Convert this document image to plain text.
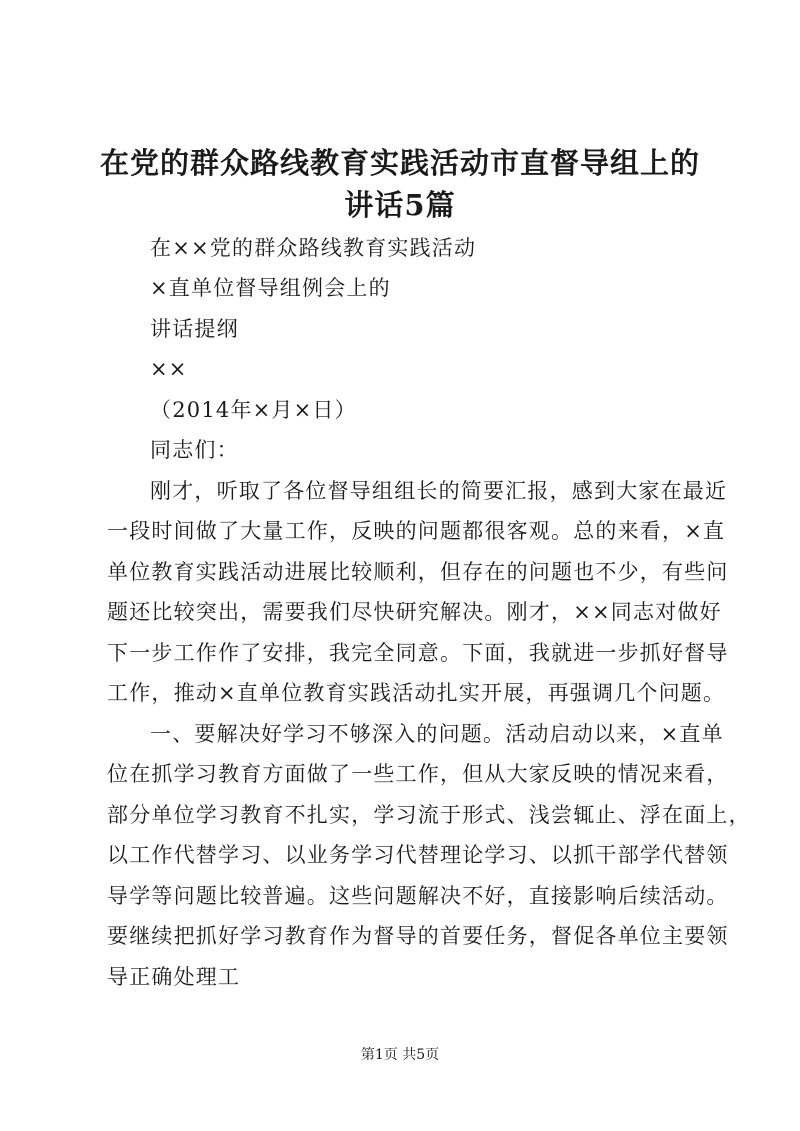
在党的群众路线教育实践活动市直督导组上的
讲话5篇
在××党的群众路线教育实践活动
×直单位督导组例会上的
讲话提纲
××
（2014年×月×日）
同志们：
刚才，听取了各位督导组组长的简要汇报，感到大家在最近
一段时间做了大量工作，反映的问题都很客观。总的来看，×直
单位教育实践活动进展比较顺利，但存在的问题也不少，有些问
题还比较突出，需要我们尽快研究解决。刚才，××同志对做好
下一步工作作了安排，我完全同意。下面，我就进一步抓好督导
工作，推动×直单位教育实践活动扎实开展，再强调几个问题。
一、要解决好学习不够深入的问题。活动启动以来，×直单
位在抓学习教育方面做了一些工作，但从大家反映的情况来看，
部分单位学习教育不扎实，学习流于形式、浅尝辄止、浮在面上，
以工作代替学习、以业务学习代替理论学习、以抓干部学代替领
导学等问题比较普遍。这些问题解决不好，直接影响后续活动。
要继续把抓好学习教育作为督导的首要任务，督促各单位主要领
导正确处理工
第1页 共5页
